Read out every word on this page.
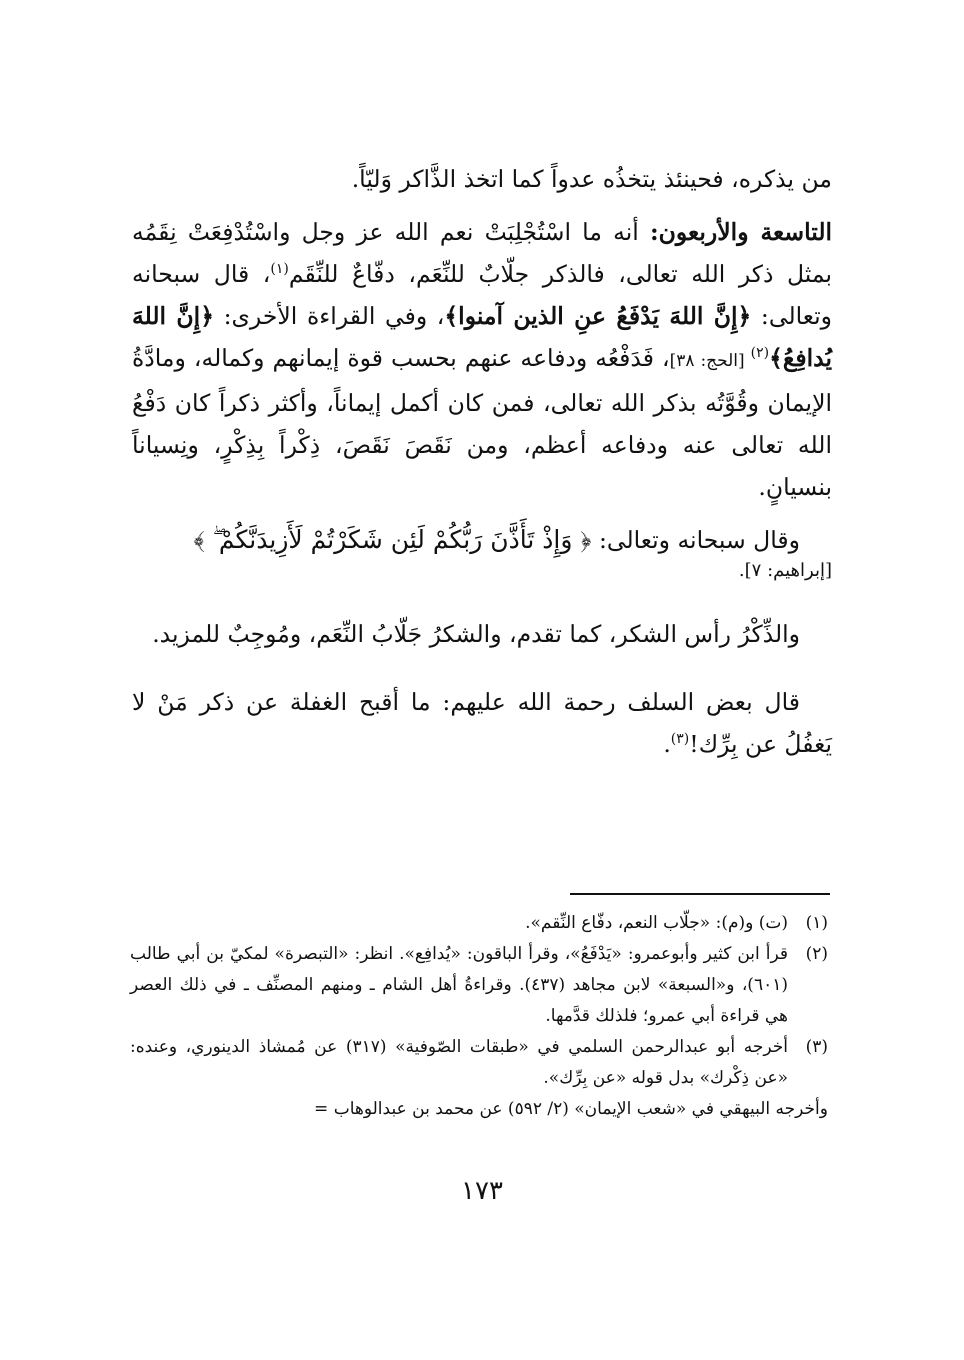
من يذكره، فحينئذ يتخذُه عدواً كما اتخذ الذَّاكر وَليّاً.

التاسعة والأربعون: أنه ما اسْتُجْلِبَتْ نعم الله عز وجل واسْتُدْفِعَتْ نِقَمُه بمثل ذكر الله تعالى، فالذكر جلّابٌ للنِّعَم، دفّاعٌ للنِّقَم$^{(١)}$، قال سبحانه وتعالى: ﴿إِنَّ اللهَ يَدْفَعُ عنِ الذين آمنوا﴾، وفي القراءة الأخرى: ﴿إِنَّ اللهَ يُدافِعُ﴾$^{(٢)}$ [الحج: ٣٨]، فَدَفْعُه ودفاعه عنهم بحسب قوة إيمانهم وكماله، ومادَّةُ الإيمان وقُوَّتُه بذكر الله تعالى، فمن كان أكمل إيماناً، وأكثر ذكراً كان دَفْعُ الله تعالى عنه ودفاعه أعظم، ومن نَقَصَ نَقَصَ، ذِكْراً بِذِكْرٍ، ونِسياناً بنسيانٍ.

وقال سبحانه وتعالى: ﴿ وَإِذْ تَأَذَّنَ رَبُّكُمْ لَئِن شَكَرْتُمْ لَأَزِيدَنَّكُمْ ۖ ﴾

[إبراهيم: ٧].

والذِّكْرُ رأس الشكر، كما تقدم، والشكرُ جَلّابُ النِّعَم، ومُوجِبٌ للمزيد.

قال بعض السلف رحمة الله عليهم: ما أقبح الغفلة عن ذكر مَنْ لا يَغفُلُ عن بِرِّك!$^{(٣)}$.

(١)
(ت) و(م): «جلّاب النعم، دفّاع النِّقم».
(٢)
قرأ ابن كثير وأبوعمرو: «يَدْفَعُ»، وقرأ الباقون: «يُدافِع». انظر: «التبصرة» لمكيّ بن أبي طالب (٦٠١)، و«السبعة» لابن مجاهد (٤٣٧). وقراءةُ أهل الشام ـ ومنهم المصنِّف ـ في ذلك العصر هي قراءة أبي عمرو؛ فلذلك قدَّمها.
(٣)
أخرجه أبو عبدالرحمن السلمي في «طبقات الصّوفية» (٣١٧) عن مُمشاذ الدينوري، وعنده: «عن ذِكْرك» بدل قوله «عن بِرِّك».

وأخرجه البيهقي في «شعب الإيمان» (٢/ ٥٩٢) عن محمد بن عبدالوهاب =

١٧٣
